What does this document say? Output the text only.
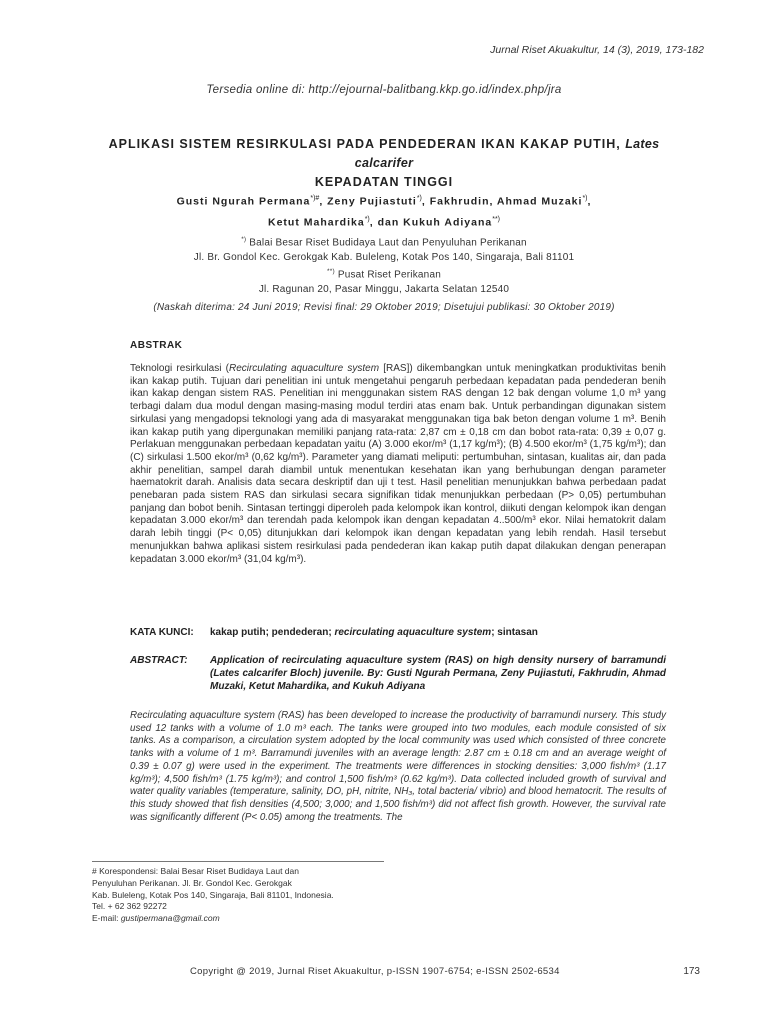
Jurnal Riset Akuakultur, 14 (3), 2019, 173-182
Tersedia online di: http://ejournal-balitbang.kkp.go.id/index.php/jra
APLIKASI SISTEM RESIRKULASI PADA PENDEDERAN IKAN KAKAP PUTIH, Lates calcarifer
KEPADATAN TINGGI
Gusti Ngurah Permana*)#, Zeny Pujiastuti*), Fakhrudin, Ahmad Muzaki*),
Ketut Mahardika*), dan Kukuh Adiyana**)
*) Balai Besar Riset Budidaya Laut dan Penyuluhan Perikanan
Jl. Br. Gondol Kec. Gerokgak Kab. Buleleng, Kotak Pos 140, Singaraja, Bali 81101
**) Pusat Riset Perikanan
Jl. Ragunan 20, Pasar Minggu, Jakarta Selatan 12540
(Naskah diterima: 24 Juni 2019; Revisi final: 29 Oktober 2019; Disetujui publikasi: 30 Oktober 2019)
ABSTRAK
Teknologi resirkulasi (Recirculating aquaculture system [RAS]) dikembangkan untuk meningkatkan produktivitas benih ikan kakap putih. Tujuan dari penelitian ini untuk mengetahui pengaruh perbedaan kepadatan pada pendederan benih ikan kakap dengan sistem RAS. Penelitian ini menggunakan sistem RAS dengan 12 bak dengan volume 1,0 m³ yang terbagi dalam dua modul dengan masing-masing modul terdiri atas enam bak. Untuk perbandingan digunakan sistem sirkulasi yang mengadopsi teknologi yang ada di masyarakat menggunakan tiga bak beton dengan volume 1 m³. Benih ikan kakap putih yang dipergunakan memiliki panjang rata-rata: 2,87 cm ± 0,18 cm dan bobot rata-rata: 0,39 ± 0,07 g. Perlakuan menggunakan perbedaan kepadatan yaitu (A) 3.000 ekor/m³ (1,17 kg/m³); (B) 4.500 ekor/m³ (1,75 kg/m³); dan (C) sirkulasi 1.500 ekor/m³ (0,62 kg/m³). Parameter yang diamati meliputi: pertumbuhan, sintasan, kualitas air, dan pada akhir penelitian, sampel darah diambil untuk menentukan kesehatan ikan yang berhubungan dengan parameter haematokrit darah. Analisis data secara deskriptif dan uji t test. Hasil penelitian menunjukkan bahwa perbedaan padat penebaran pada sistem RAS dan sirkulasi secara signifikan tidak menunjukkan perbedaan (P> 0,05) pertumbuhan panjang dan bobot benih. Sintasan tertinggi diperoleh pada kelompok ikan kontrol, diikuti dengan kelompok ikan dengan kepadatan 3.000 ekor/m³ dan terendah pada kelompok ikan dengan kepadatan 4..500/m³ ekor. Nilai hematokrit dalam darah lebih tinggi (P< 0,05) ditunjukkan dari kelompok ikan dengan kepadatan yang lebih rendah. Hasil tersebut menunjukkan bahwa aplikasi sistem resirkulasi pada pendederan ikan kakap putih dapat dilakukan dengan penerapan kepadatan 3.000 ekor/m³ (31,04 kg/m³).
KATA KUNCI: kakap putih; pendederan; recirculating aquaculture system; sintasan
ABSTRACT: Application of recirculating aquaculture system (RAS) on high density nursery of barramundi (Lates calcarifer Bloch) juvenile. By: Gusti Ngurah Permana, Zeny Pujiastuti, Fakhrudin, Ahmad Muzaki, Ketut Mahardika, and Kukuh Adiyana
Recirculating aquaculture system (RAS) has been developed to increase the productivity of barramundi nursery. This study used 12 tanks with a volume of 1.0 m³ each. The tanks were grouped into two modules, each module consisted of six tanks. As a comparison, a circulation system adopted by the local community was used which consisted of three concrete tanks with a volume of 1 m³. Barramundi juveniles with an average length: 2.87 cm ± 0.18 cm and an average weight of 0.39 ± 0.07 g) were used in the experiment. The treatments were differences in stocking densities: 3,000 fish/m³ (1.17 kg/m³); 4,500 fish/m³ (1.75 kg/m³); and control 1,500 fish/m³ (0.62 kg/m³). Data collected included growth of survival and water quality variables (temperature, salinity, DO, pH, nitrite, NH₃, total bacteria/ vibrio) and blood hematocrit. The results of this study showed that fish densities (4,500; 3,000; and 1,500 fish/m³) did not affect fish growth. However, the survival rate was significantly different (P< 0.05) among the treatments. The
# Korespondensi: Balai Besar Riset Budidaya Laut dan
Penyuluhan Perikanan. Jl. Br. Gondol Kec. Gerokgak
Kab. Buleleng, Kotak Pos 140, Singaraja, Bali 81101, Indonesia.
Tel. + 62 362 92272
E-mail: gustipermana@gmail.com
Copyright @ 2019, Jurnal Riset Akuakultur, p-ISSN 1907-6754; e-ISSN 2502-6534	173
